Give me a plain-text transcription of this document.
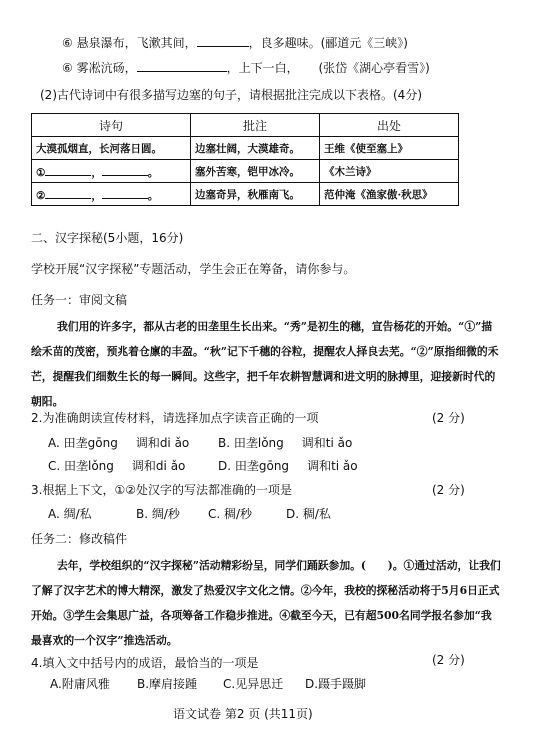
⑥ 悬泉瀑布，飞漱其间，	，良多趣味。(郦道元《三峡》)
⑥ 雾凇沆砀，	，上下一白， (张岱《湖心亭看雪》)
(2)古代诗词中有很多描写边塞的句子，请根据批注完成以下表格。(4分)
诗句	批注	出处
大漠孤烟直，长河落日圆。	边塞壮阔，大漠雄奇。	王维《使至塞上》
① ， 。	塞外苦寒，铠甲冰冷。	《木兰诗》
② ， 。	边塞奇异，秋雁南飞。	范仲淹《渔家傲·秋思》
二、汉字探秘(5小题，16分)
学校开展“汉字探秘”专题活动，学生会正在筹备，请你参与。
任务一：审阅文稿
我们用的许多字，都从古老的田垄里生长出来。“秀”是初生的穗，宣告杨花的开始。“①”描绘禾苗的茂密，预兆着仓廪的丰盈。“秋”记下千穗的谷粒，提醒农人择良去芜。“②”原指细微的禾芒，提醒我们细数生长的每一瞬间。这些字，把千年农耕智慧调和进文明的脉搏里，迎接新时代的朝阳。
2.为准确朗读宣传材料，请选择加点字读音正确的一项	(2 分)
A. 田垄gōng 调和di ǎo B. 田垄lǒng 调和ti ǎo
C. 田垄lǒng 调和di ǎo	D. 田垄gōng 调和ti ǎo
3.根据上下文，①②处汉字的写法都准确的一项是	(2 分)
A. 绸/私	B. 绸/秒 C. 稠/秒	D. 稠/私
任务二：修改稿件
去年，学校组织的“汉字探秘”活动精彩纷呈，同学们踊跃参加。(　　)。①通过活动，让我们了解了汉字艺术的博大精深，激发了热爱汉字文化之情。②今年，我校的探秘活动将于5月6日正式开始。③学生会集思广益，各项筹备工作稳步推进。④截至今天，已有超500名同学报名参加“我最喜欢的一个汉字”推选活动。
4.填入文中括号内的成语，最恰当的一项是	(2 分)
A.附庸风雅 B.摩肩接踵 C.见异思迁 D.蹑手蹑脚
语文试卷 第2 页 (共11页)
